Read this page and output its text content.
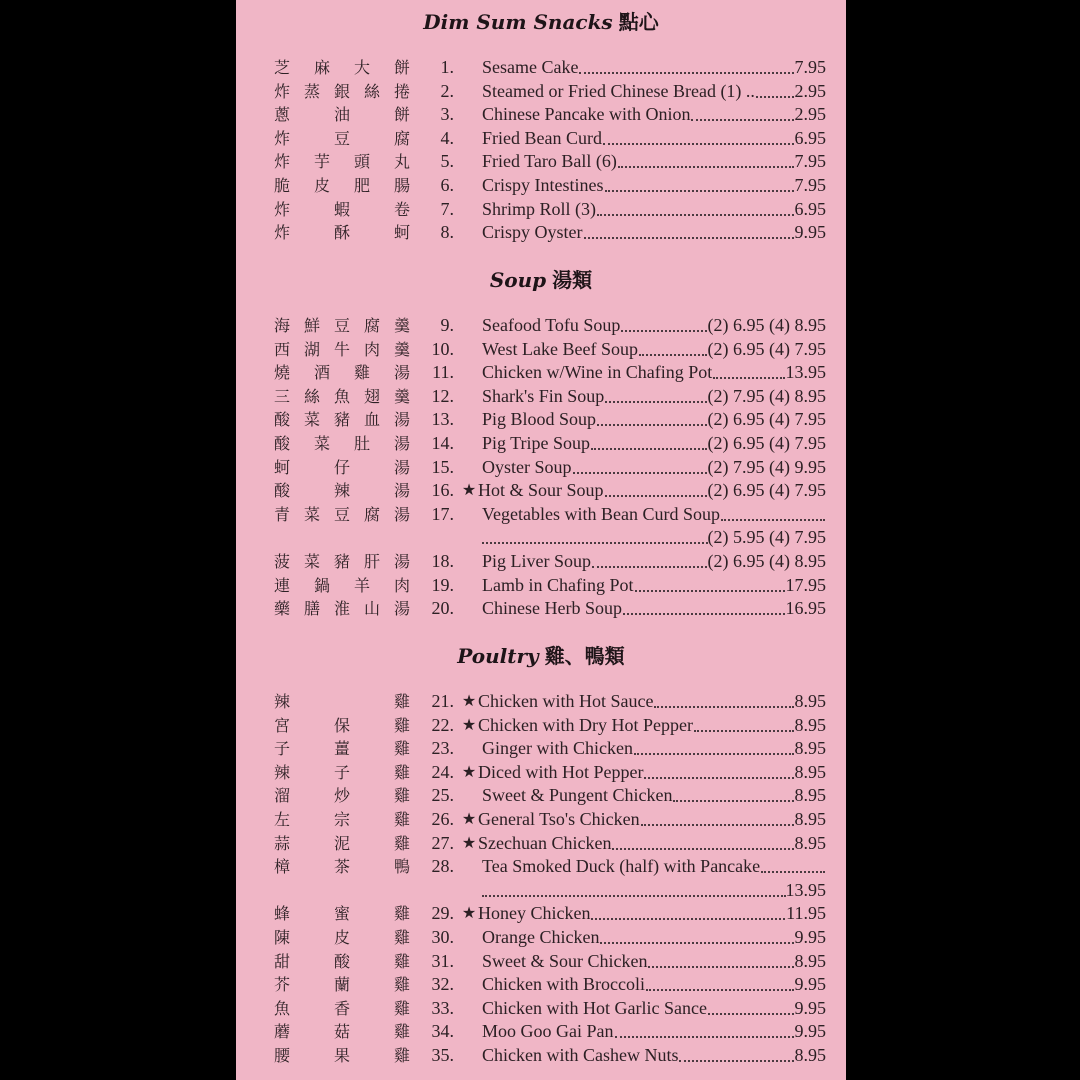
Dim Sum Snacks 點心
芝麻大餅	1. Sesame Cake	7.95
炸蒸銀絲捲	2. Steamed or Fried Chinese Bread (1) .. 2.95
蔥油餅	3. Chinese Pancake with Onion	2.95
炸豆腐	4. Fried Bean Curd	6.95
炸芋頭丸	5. Fried Taro Ball (6)	7.95
脆皮肥腸	6. Crispy Intestines	7.95
炸蝦卷	7. Shrimp Roll (3)	6.95
炸酥蚵	8. Crispy Oyster	9.95
Soup 湯類
海鮮豆腐羹	9. Seafood Tofu Soup	(2) 6.95 (4) 8.95
西湖牛肉羹	10. West Lake Beef Soup	(2) 6.95 (4) 7.95
燒酒雞湯	11. Chicken w/Wine in Chafing Pot	13.95
三絲魚翅羹	12. Shark's Fin Soup	(2) 7.95 (4) 8.95
酸菜豬血湯	13. Pig Blood Soup	(2) 6.95 (4) 7.95
酸菜肚湯	14. Pig Tripe Soup	(2) 6.95 (4) 7.95
蚵仔湯	15. Oyster Soup	(2) 7.95 (4) 9.95
酸辣湯	16. ★ Hot & Sour Soup	(2) 6.95 (4) 7.95
青菜豆腐湯	17. Vegetables with Bean Curd Soup
(2) 5.95 (4) 7.95
菠菜豬肝湯	18. Pig Liver Soup	(2) 6.95 (4) 8.95
連鍋羊肉	19. Lamb in Chafing Pot	17.95
藥膳淮山湯	20. Chinese Herb Soup	16.95
Poultry 雞、鴨類
辣雞	21. ★ Chicken with Hot Sauce	8.95
宮保雞	22. ★ Chicken with Dry Hot Pepper	8.95
子薑雞	23. Ginger with Chicken	8.95
辣子雞	24. ★ Diced with Hot Pepper	8.95
溜炒雞	25. Sweet & Pungent Chicken	8.95
左宗雞	26. ★ General Tso's Chicken	8.95
蒜泥雞	27. ★ Szechuan Chicken	8.95
樟茶鴨	28. Tea Smoked Duck (half) with Pancake
13.95
蜂蜜雞	29. ★ Honey Chicken	11.95
陳皮雞	30. Orange Chicken	9.95
甜酸雞	31. Sweet & Sour Chicken	8.95
芥蘭雞	32. Chicken with Broccoli	9.95
魚香雞	33. Chicken with Hot Garlic Sance	9.95
蘑菇雞	34. Moo Goo Gai Pan	9.95
腰果雞	35. Chicken with Cashew Nuts	8.95
